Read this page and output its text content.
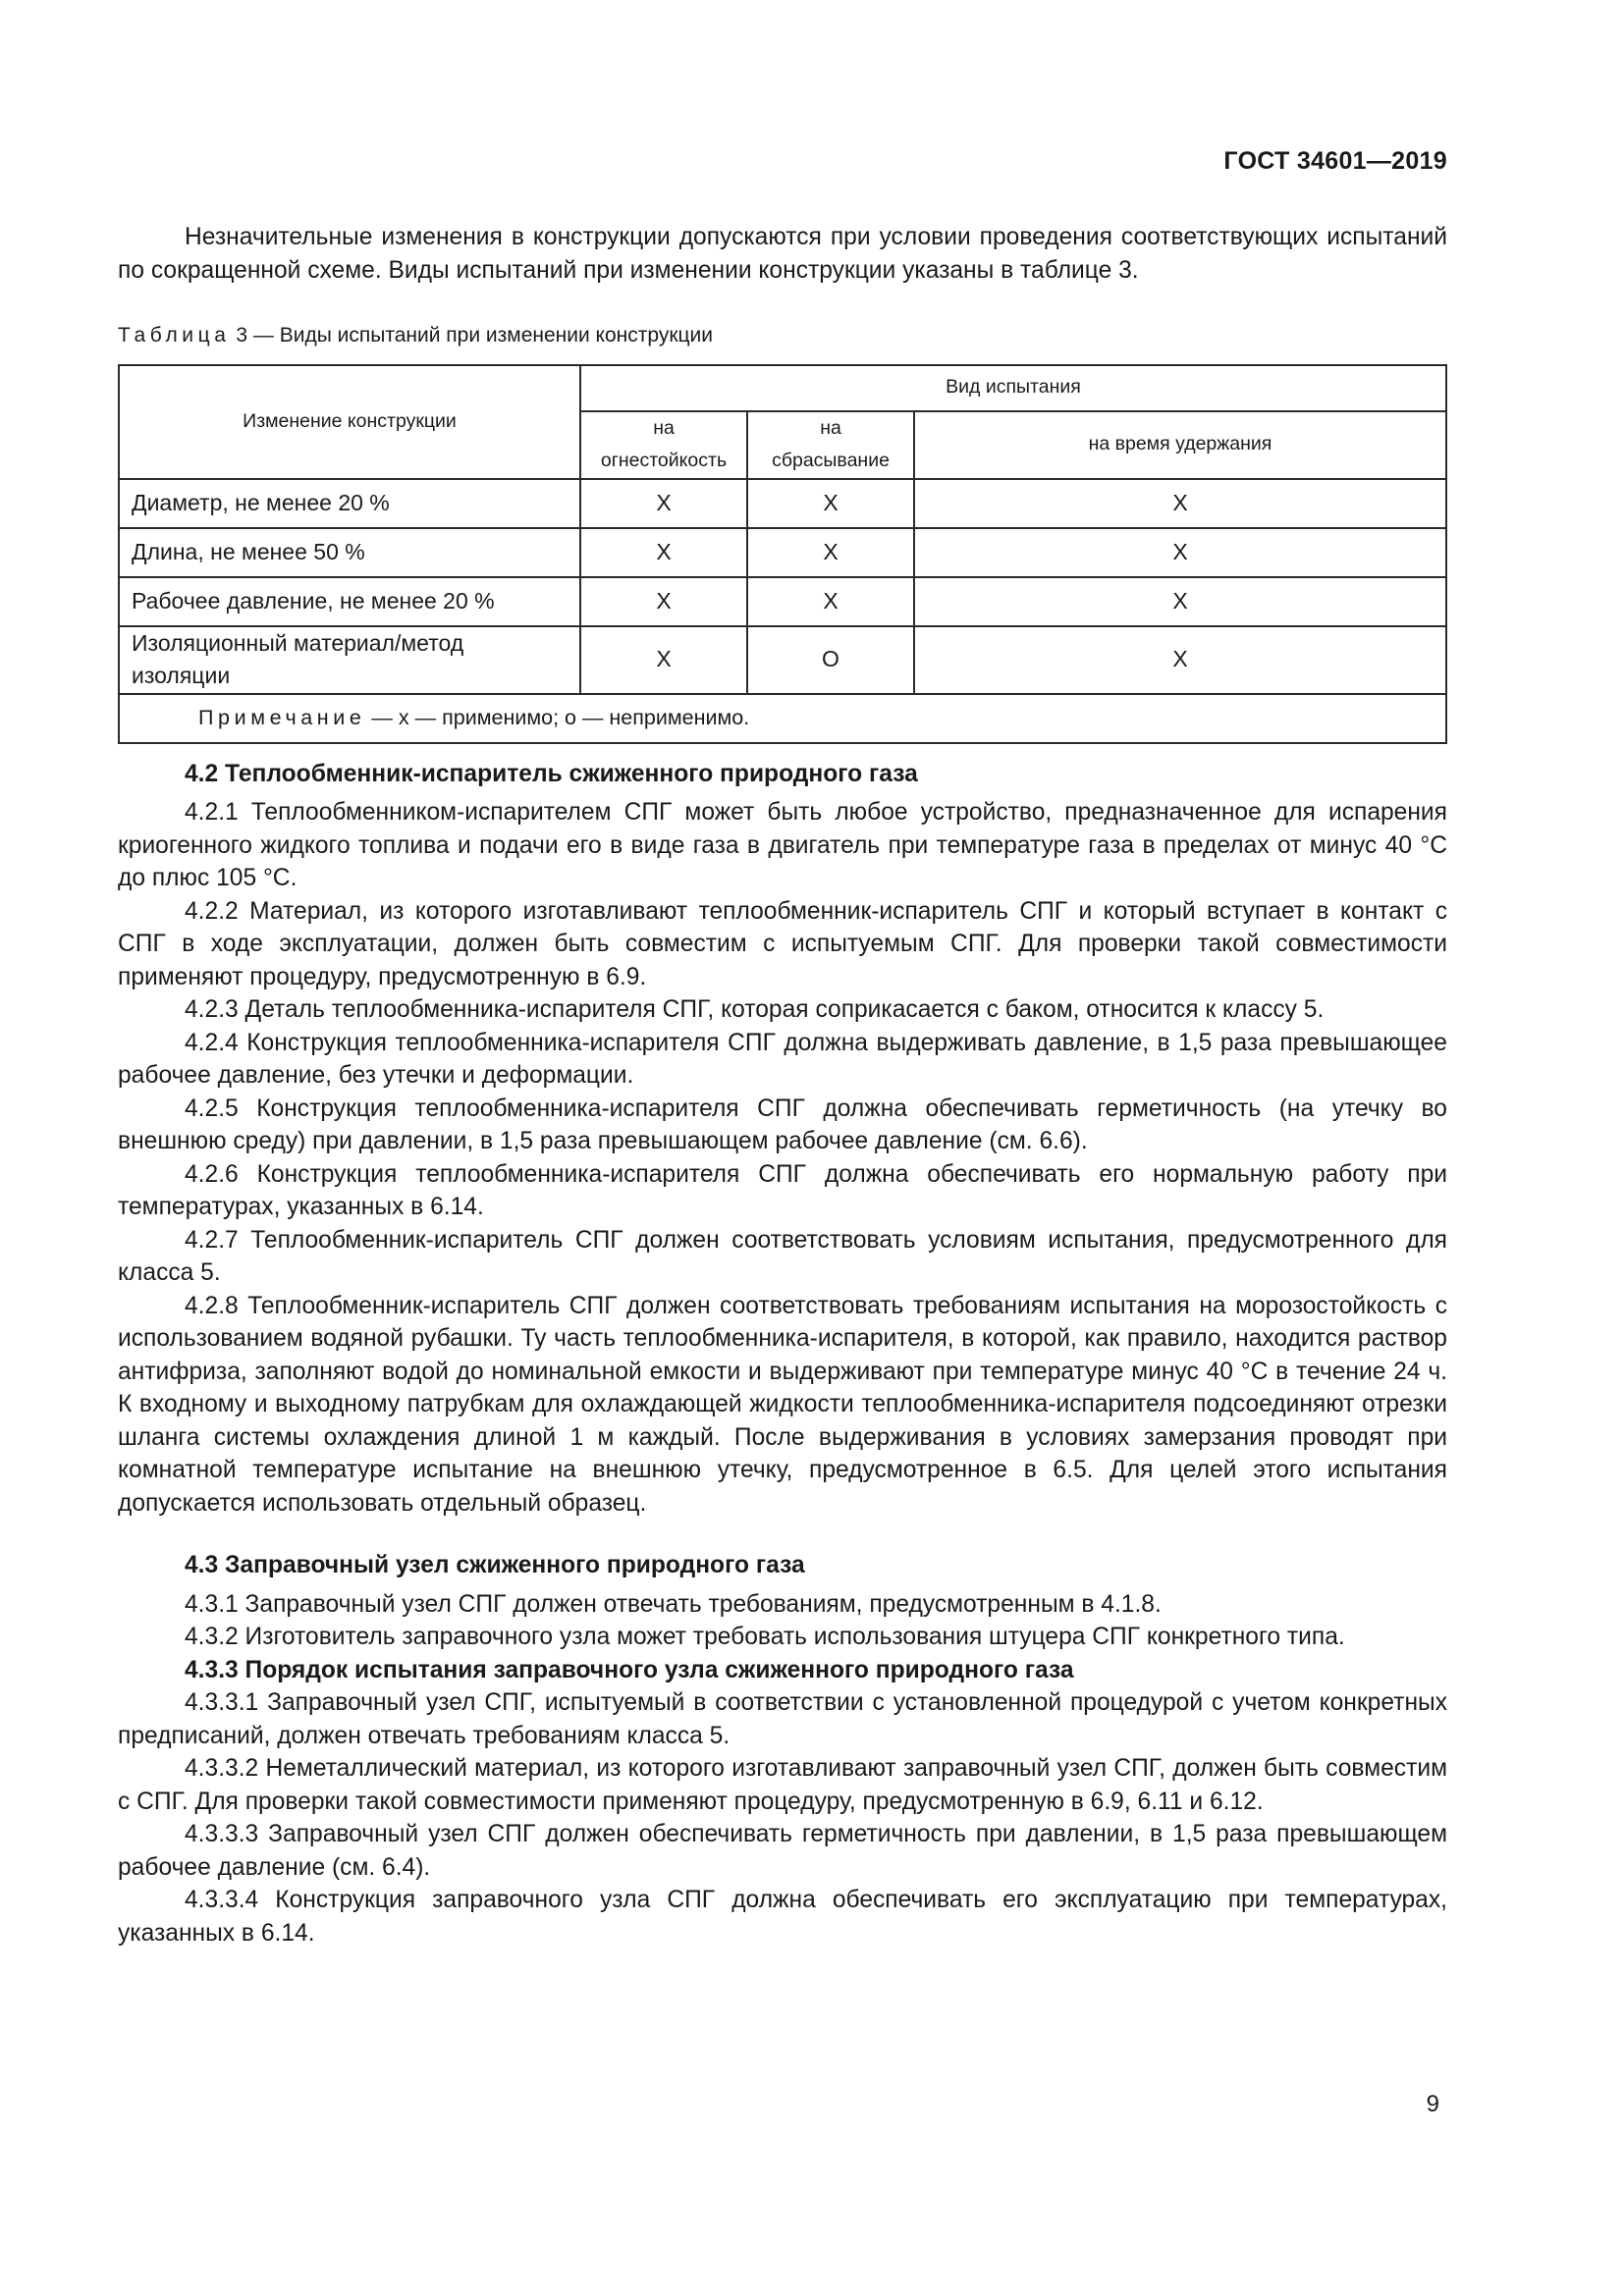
ГОСТ 34601—2019

Незначительные изменения в конструкции допускаются при условии проведения соответствующих испытаний по сокращенной схеме. Виды испытаний при изменении конструкции указаны в таблице 3.

Таблица 3 — Виды испытаний при изменении конструкции
Изменение конструкции	Вид испытания		
	на огнестойкость	на сбрасывание	на время удержания
Диаметр, не менее 20 %	X	X	X
Длина, не менее 50 %	X	X	X
Рабочее давление, не менее 20 %	X	X	X
Изоляционный материал/метод изоляции	X	O	X
Примечание — x — применимо; о — неприменимо.			
4.2 Теплообменник-испаритель сжиженного природного газа

4.2.1 Теплообменником-испарителем СПГ может быть любое устройство, предназначенное для испарения криогенного жидкого топлива и подачи его в виде газа в двигатель при температуре газа в пределах от минус 40 °С до плюс 105 °С.

4.2.2 Материал, из которого изготавливают теплообменник-испаритель СПГ и который вступает в контакт с СПГ в ходе эксплуатации, должен быть совместим с испытуемым СПГ. Для проверки такой совместимости применяют процедуру, предусмотренную в 6.9.

4.2.3 Деталь теплообменника-испарителя СПГ, которая соприкасается с баком, относится к классу 5.

4.2.4 Конструкция теплообменника-испарителя СПГ должна выдерживать давление, в 1,5 раза превышающее рабочее давление, без утечки и деформации.

4.2.5 Конструкция теплообменника-испарителя СПГ должна обеспечивать герметичность (на утечку во внешнюю среду) при давлении, в 1,5 раза превышающем рабочее давление (см. 6.6).

4.2.6 Конструкция теплообменника-испарителя СПГ должна обеспечивать его нормальную работу при температурах, указанных в 6.14.

4.2.7 Теплообменник-испаритель СПГ должен соответствовать условиям испытания, предусмотренного для класса 5.

4.2.8 Теплообменник-испаритель СПГ должен соответствовать требованиям испытания на морозостойкость с использованием водяной рубашки. Ту часть теплообменника-испарителя, в которой, как правило, находится раствор антифриза, заполняют водой до номинальной емкости и выдерживают при температуре минус 40 °С в течение 24 ч. К входному и выходному патрубкам для охлаждающей жидкости теплообменника-испарителя подсоединяют отрезки шланга системы охлаждения длиной 1 м каждый. После выдерживания в условиях замерзания проводят при комнатной температуре испытание на внешнюю утечку, предусмотренное в 6.5. Для целей этого испытания допускается использовать отдельный образец.

4.3 Заправочный узел сжиженного природного газа

4.3.1 Заправочный узел СПГ должен отвечать требованиям, предусмотренным в 4.1.8.

4.3.2 Изготовитель заправочного узла может требовать использования штуцера СПГ конкретного типа.

4.3.3 Порядок испытания заправочного узла сжиженного природного газа

4.3.3.1 Заправочный узел СПГ, испытуемый в соответствии с установленной процедурой с учетом конкретных предписаний, должен отвечать требованиям класса 5.

4.3.3.2 Неметаллический материал, из которого изготавливают заправочный узел СПГ, должен быть совместим с СПГ. Для проверки такой совместимости применяют процедуру, предусмотренную в 6.9, 6.11 и 6.12.

4.3.3.3 Заправочный узел СПГ должен обеспечивать герметичность при давлении, в 1,5 раза превышающем рабочее давление (см. 6.4).

4.3.3.4 Конструкция заправочного узла СПГ должна обеспечивать его эксплуатацию при температурах, указанных в 6.14.

9
